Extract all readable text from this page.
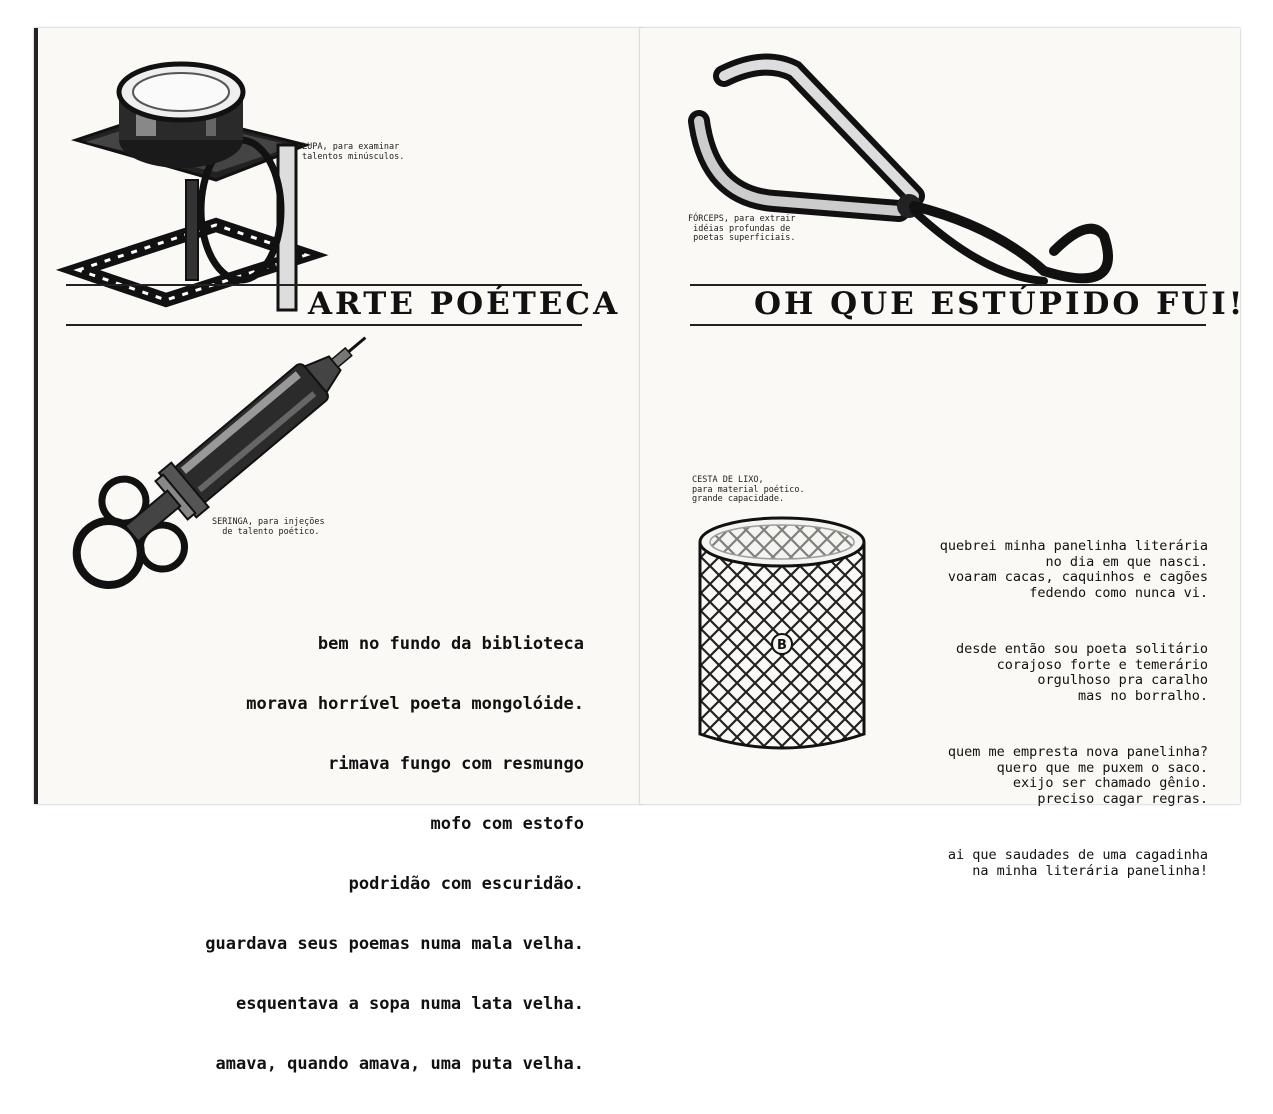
LUPA, para examinar
talentos minúsculos.
ARTE POÉTECA
SERINGA, para injeções
de talento poético.

bem no fundo da biblioteca

morava horrível poeta mongolóide.

rimava fungo com resmungo

mofo com estofo

podridão com escuridão.

guardava seus poemas numa mala velha.

esquentava a sopa numa lata velha.

amava, quando amava, uma puta velha.

FÓRCEPS, para extrair
idéias profundas de
poetas superficiais.
OH QUE ESTÚPIDO FUI!
CESTA DE LIXO,
para material poético.
grande capacidade.
B

quebrei minha panelinha literária
no dia em que nasci.
voaram cacas, caquinhos e cagões
fedendo como nunca vi.

desde então sou poeta solitário
corajoso forte e temerário
orgulhoso pra caralho
mas no borralho.

quem me empresta nova panelinha?
quero que me puxem o saco.
exijo ser chamado gênio.
preciso cagar regras.

ai que saudades de uma cagadinha
na minha literária panelinha!
